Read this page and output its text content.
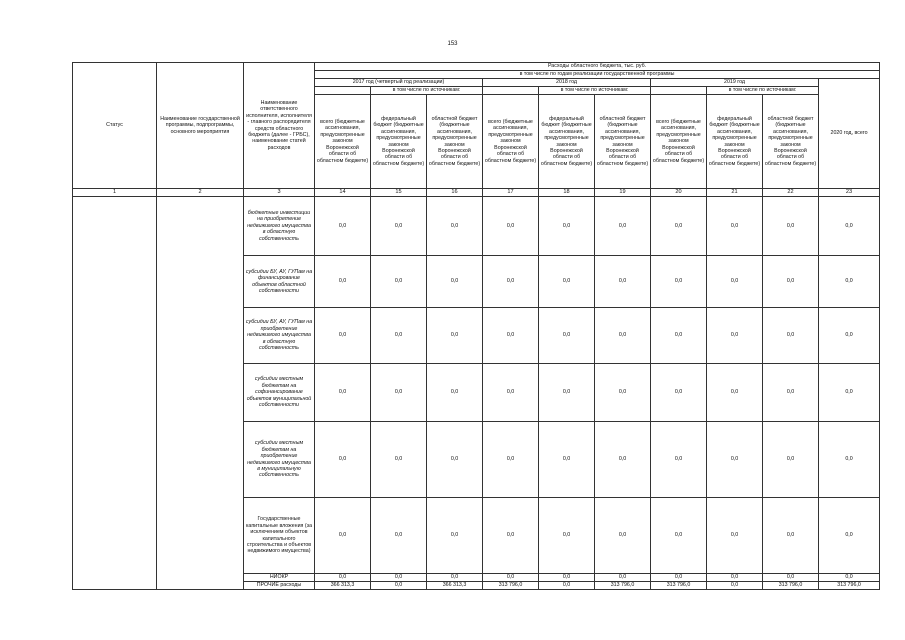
153
Статус	Наименование государственной программы, подпрограммы, основного мероприятия	Наименование ответственного исполнителя, исполнителя - главного распорядителя средств областного бюджета (далее - ГРБС), наименование статей расходов	Расходы областного бюджета, тыс. руб.									
			в том числе по годам реализации государственной программы									
			2017 год (четвертый год реализации)			2018 год			2019 год			2020 год, всего
				в том числе по источникам:			в том числе по источникам:			в том числе по источникам:		
			всего (бюджетные ассигнования, предусмотренные законом Воронежской области об областном бюджете)	федеральный бюджет (бюджетные ассигнования, предусмотренные законом Воронежской области об областном бюджете)	областной бюджет (бюджетные ассигнования, предусмотренные законом Воронежской области об областном бюджете)	всего (бюджетные ассигнования, предусмотренные законом Воронежской области об областном бюджете)	федеральный бюджет (бюджетные ассигнования, предусмотренные законом Воронежской области об областном бюджете)	областной бюджет (бюджетные ассигнования, предусмотренные законом Воронежской области об областном бюджете)	всего (бюджетные ассигнования, предусмотренные законом Воронежской области об областном бюджете)	федеральный бюджет (бюджетные ассигнования, предусмотренные законом Воронежской области об областном бюджете)	областной бюджет (бюджетные ассигнования, предусмотренные законом Воронежской области об областном бюджете)	
1	2	3	14	15	16	17	18	19	20	21	22	23
		бюджетные инвестиции на приобретение недвижимого имущества в областную собственность	0,0	0,0	0,0	0,0	0,0	0,0	0,0	0,0	0,0	0,0
		субсидии БУ, АУ, ГУПам на финансирование объектов областной собственности	0,0	0,0	0,0	0,0	0,0	0,0	0,0	0,0	0,0	0,0
		субсидии БУ, АУ, ГУПам на приобретение недвижимого имущества в областную собственность	0,0	0,0	0,0	0,0	0,0	0,0	0,0	0,0	0,0	0,0
		субсидии местным бюджетам на софинансирование объектов муниципальной собственности	0,0	0,0	0,0	0,0	0,0	0,0	0,0	0,0	0,0	0,0
		субсидии местным бюджетам на приобретение недвижимого имущества в муниципальную собственность	0,0	0,0	0,0	0,0	0,0	0,0	0,0	0,0	0,0	0,0
		Государственные капитальные вложения (за исключением объектов капитального строительства и объектов недвижимого имущества)	0,0	0,0	0,0	0,0	0,0	0,0	0,0	0,0	0,0	0,0
		НИОКР	0,0	0,0	0,0	0,0	0,0	0,0	0,0	0,0	0,0	0,0
		ПРОЧИЕ расходы	366 313,3	0,0	366 313,3	313 796,0	0,0	313 796,0	313 796,0	0,0	313 796,0	313 796,0
